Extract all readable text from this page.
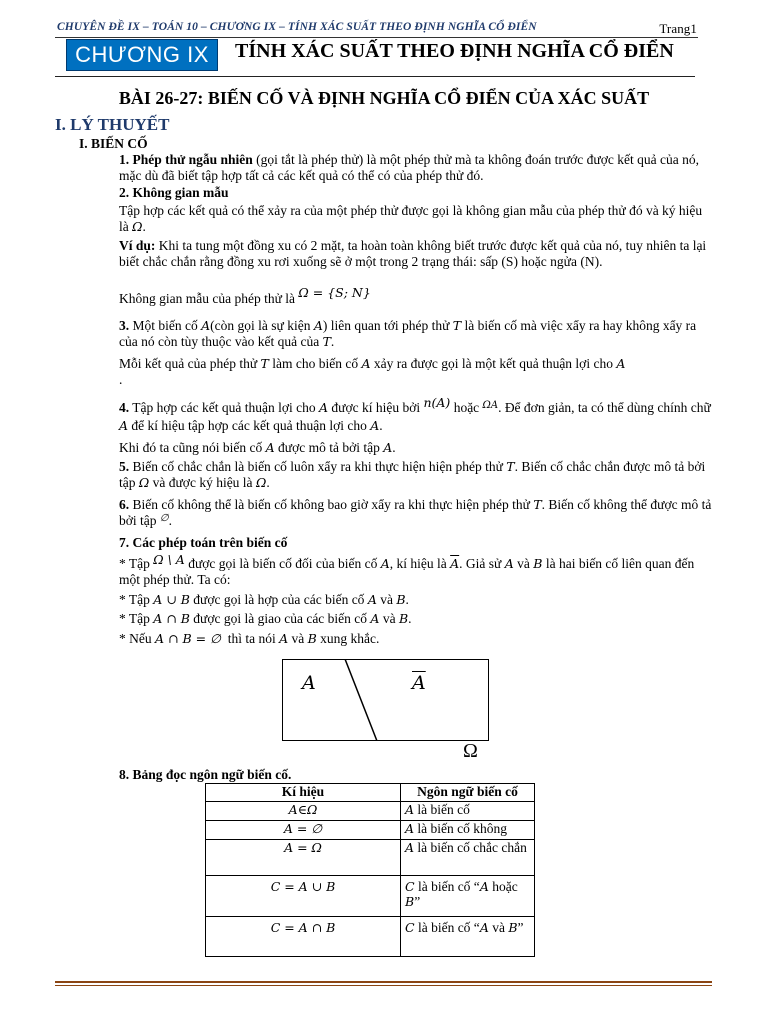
CHUYÊN ĐỀ IX – TOÁN 10 – CHƯƠNG IX – TÍNH XÁC SUẤT THEO ĐỊNH NGHĨA CỔ ĐIỂN	Trang1
CHƯƠNG IX	TÍNH XÁC SUẤT THEO ĐỊNH NGHĨA CỔ ĐIỂN
BÀI 26-27: BIẾN CỐ VÀ ĐỊNH NGHĨA CỔ ĐIỂN CỦA XÁC SUẤT
I. LÝ THUYẾT
I. BIẾN CỐ
1. Phép thử ngẫu nhiên (gọi tắt là phép thử) là một phép thử mà ta không đoán trước được kết quả của nó, mặc dù đã biết tập hợp tất cả các kết quả có thể có của phép thử đó.
2. Không gian mẫu
Tập hợp các kết quả có thể xảy ra của một phép thử được gọi là không gian mẫu của phép thử đó và ký hiệu là Ω.
Ví dụ: Khi ta tung một đồng xu có 2 mặt, ta hoàn toàn không biết trước được kết quả của nó, tuy nhiên ta lại biết chắc chắn rằng đồng xu rơi xuống sẽ ở một trong 2 trạng thái: sấp (S) hoặc ngửa (N).
Không gian mẫu của phép thử là Ω = {S; N}
3. Một biến cố A(còn gọi là sự kiện A) liên quan tới phép thử T là biến cố mà việc xẩy ra hay không xẩy ra của nó còn tùy thuộc vào kết quả của T.
Mỗi kết quả của phép thử T làm cho biến cố A xảy ra được gọi là một kết quả thuận lợi cho A
.
4. Tập hợp các kết quả thuận lợi cho A được kí hiệu bởi n(A) hoặc $^{\Omega A}$. Để đơn giản, ta có thể dùng chính chữ A để kí hiệu tập hợp các kết quả thuận lợi cho A.
Khi đó ta cũng nói biến cố A được mô tả bởi tập A.
5. Biến cố chắc chắn là biến cố luôn xẩy ra khi thực hiện hiện phép thử T. Biến cố chắc chắn được mô tả bởi tập Ω và được ký hiệu là Ω.
6. Biến cố không thể là biến cố không bao giờ xẩy ra khi thực hiện phép thử T. Biến cố không thể được mô tả bởi tập ∅.
7. Các phép toán trên biến cố
* Tập Ω \ A được gọi là biến cố đối của biến cố A, kí hiệu là $\overline{A}$. Giả sử A và B là hai biến cố liên quan đến một phép thử. Ta có:
* Tập A ∪ B được gọi là hợp của các biến cố A và B.
* Tập A ∩ B được gọi là giao của các biến cố A và B.
* Nếu A ∩ B = ∅ thì ta nói A và B xung khắc.
A	$\overline{A}$
Ω
8. Bảng đọc ngôn ngữ biến cố.
Kí hiệu	Ngôn ngữ biến cố
A∈Ω	A là biến cố
A = ∅	A là biến cố không
A = Ω	A là biến cố chắc chắn
C = A ∪ B	C là biến cố “A hoặc B”
C = A ∩ B	C là biến cố “A và B”
